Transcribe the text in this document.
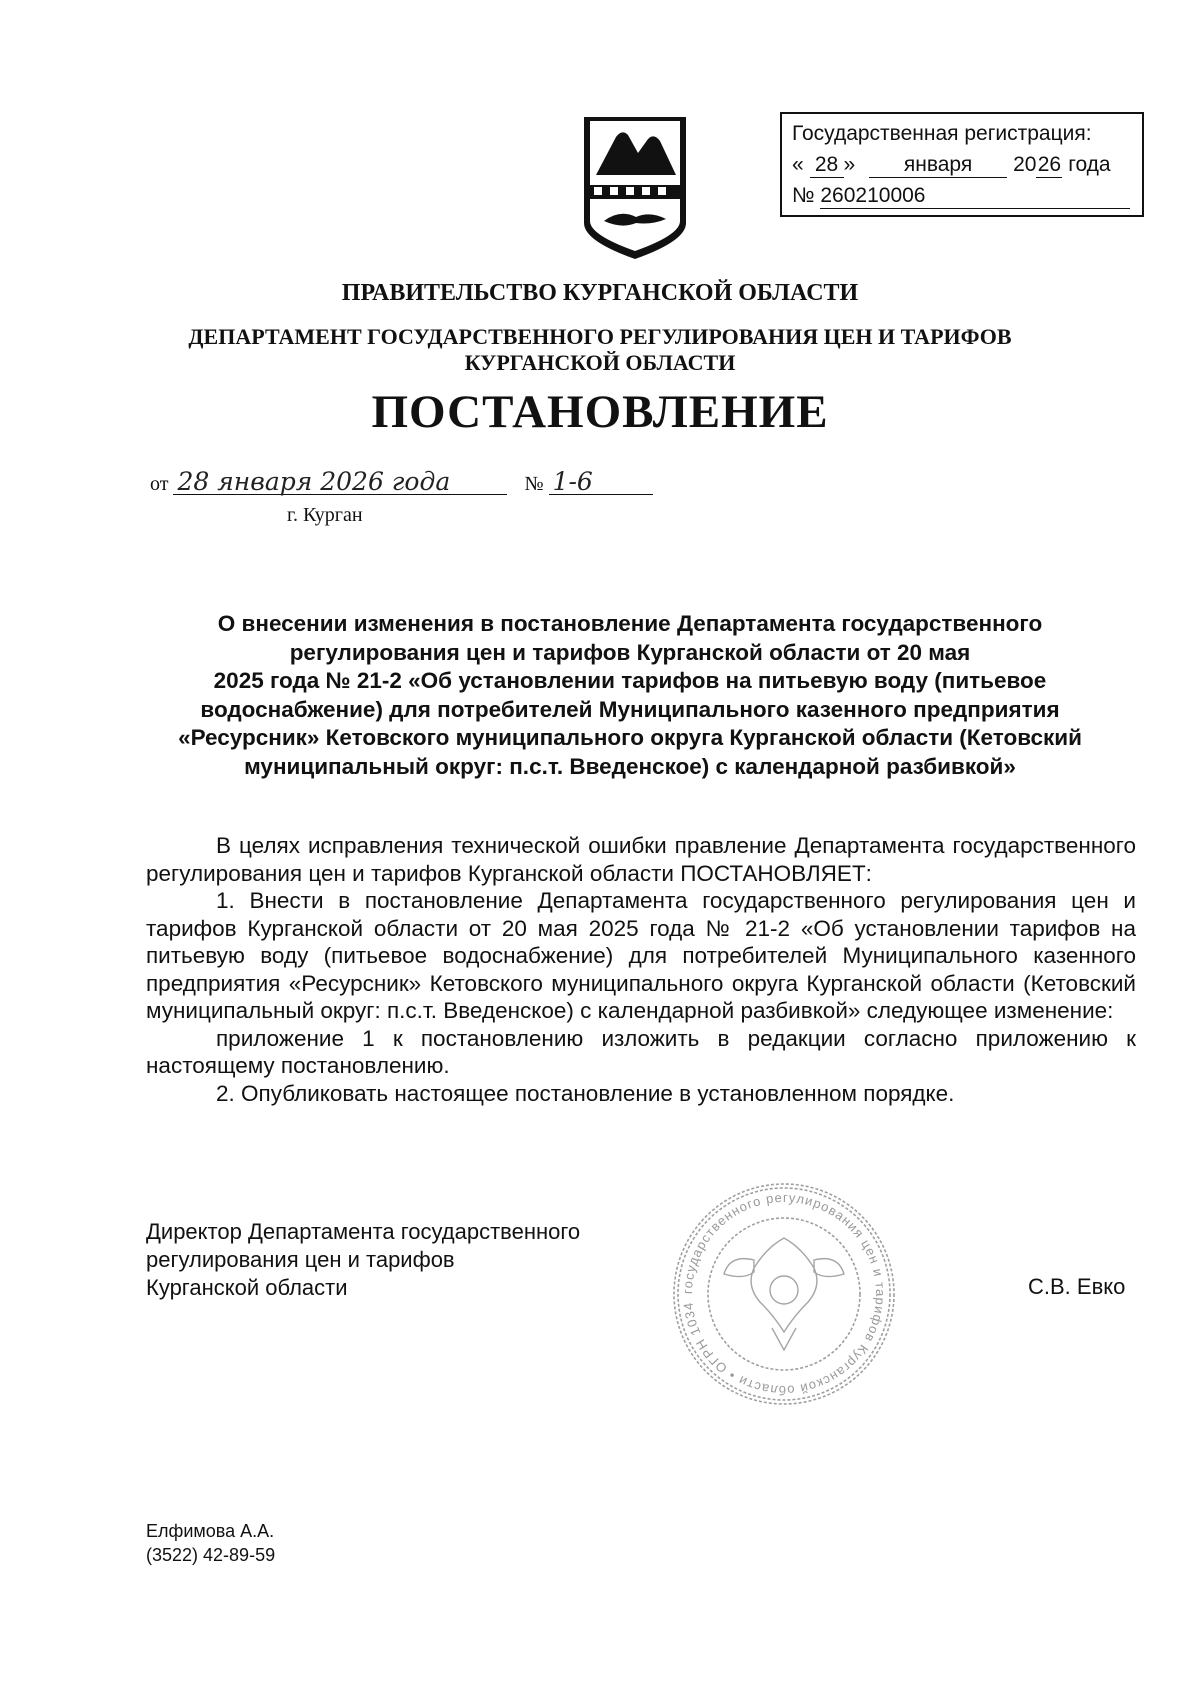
Государственная регистрация:
« 28 » января 2026 года
№ 260210006
ПРАВИТЕЛЬСТВО КУРГАНСКОЙ ОБЛАСТИ
ДЕПАРТАМЕНТ ГОСУДАРСТВЕННОГО РЕГУЛИРОВАНИЯ ЦЕН И ТАРИФОВ
КУРГАНСКОЙ ОБЛАСТИ
ПОСТАНОВЛЕНИЕ
от 28 января 2026 года	№ 1-6
г. Курган
О внесении изменения в постановление Департамента государственного
регулирования цен и тарифов Курганской области от 20 мая
2025 года № 21-2 «Об установлении тарифов на питьевую воду (питьевое
водоснабжение) для потребителей Муниципального казенного предприятия
«Ресурсник» Кетовского муниципального округа Курганской области (Кетовский
муниципальный округ: п.с.т. Введенское) с календарной разбивкой»

В целях исправления технической ошибки правление Департамента государственного регулирования цен и тарифов Курганской области ПОСТАНОВЛЯЕТ:

1. Внести в постановление Департамента государственного регулирования цен и тарифов Курганской области от 20 мая 2025 года № 21-2 «Об установлении тарифов на питьевую воду (питьевое водоснабжение) для потребителей Муниципального казенного предприятия «Ресурсник» Кетовского муниципального округа Курганской области (Кетовский муниципальный округ: п.с.т. Введенское) с календарной разбивкой» следующее изменение:

приложение 1 к постановлению изложить в редакции согласно приложению к настоящему постановлению.

2. Опубликовать настоящее постановление в установленном порядке.

государственного регулирования цен и тарифов Курганской области • ОГРН 1034
Директор Департамента государственного
регулирования цен и тарифов
Курганской области	С.В. Евко
Елфимова А.А.
(3522) 42-89-59
